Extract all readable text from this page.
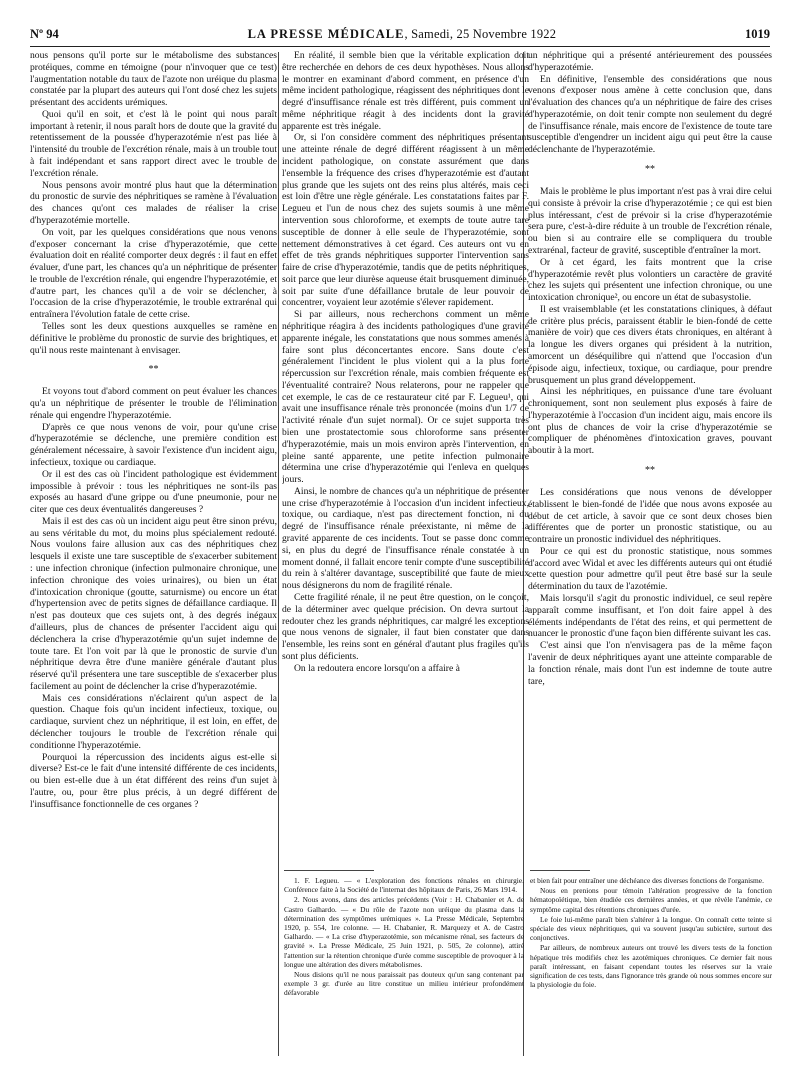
Nº 94	LA PRESSE MÉDICALE, Samedi, 25 Novembre 1922	1019

nous pensons qu'il porte sur le métabolisme des substances protéiques, comme en témoigne (pour n'invoquer que ce test) l'augmentation notable du taux de l'azote non uréique du plasma constatée par la plupart des auteurs qui l'ont dosé chez les sujets présentant des accidents urémiques.

Quoi qu'il en soit, et c'est là le point qui nous paraît important à retenir, il nous paraît hors de doute que la gravité du retentissement de la poussée d'hyperazotémie n'est pas liée à l'intensité du trouble de l'excrétion rénale, mais à un trouble tout à fait indépendant et sans rapport direct avec le trouble de l'excrétion rénale.

Nous pensons avoir montré plus haut que la détermination du pronostic de survie des néphritiques se ramène à l'évaluation des chances qu'ont ces malades de réaliser la crise d'hyperazotémie mortelle.

On voit, par les quelques considérations que nous venons d'exposer concernant la crise d'hyperazotémie, que cette évaluation doit en réalité comporter deux degrés : il faut en effet évaluer, d'une part, les chances qu'a un néphritique de présenter le trouble de l'excrétion rénale, qui engendre l'hyperazotémie, et d'autre part, les chances qu'il a de voir se déclencher, à l'occasion de la crise d'hyperazotémie, le trouble extrarénal qui entraînera l'évolution fatale de cette crise.

Telles sont les deux questions auxquelles se ramène en définitive le problème du pronostic de survie des brightiques, et qu'il nous reste maintenant à envisager.

**

Et voyons tout d'abord comment on peut évaluer les chances qu'a un néphritique de présenter le trouble de l'élimination rénale qui engendre l'hyperazotémie.

D'après ce que nous venons de voir, pour qu'une crise d'hyperazotémie se déclenche, une première condition est généralement nécessaire, à savoir l'existence d'un incident aigu, infectieux, toxique ou cardiaque.

Or il est des cas où l'incident pathologique est évidemment impossible à prévoir : tous les néphritiques ne sont-ils pas exposés au hasard d'une grippe ou d'une pneumonie, pour ne citer que ces deux éventualités dangereuses ?

Mais il est des cas où un incident aigu peut être sinon prévu, au sens véritable du mot, du moins plus spécialement redouté. Nous voulons faire allusion aux cas des néphritiques chez lesquels il existe une tare susceptible de s'exacerber subitement : une infection chronique (infection pulmonaire chronique, une infection chronique des voies urinaires), ou bien un état d'intoxication chronique (goutte, saturnisme) ou encore un état d'hypertension avec de petits signes de défaillance cardiaque. Il n'est pas douteux que ces sujets ont, à des degrés inégaux d'ailleurs, plus de chances de présenter l'accident aigu qui déclenchera la crise d'hyperazotémie qu'un sujet indemne de toute tare. Et l'on voit par là que le pronostic de survie d'un néphritique devra être d'une manière générale d'autant plus réservé qu'il présentera une tare susceptible de s'exacerber plus facilement au point de déclencher la crise d'hyperazotémie.

Mais ces considérations n'éclairent qu'un aspect de la question. Chaque fois qu'un incident infectieux, toxique, ou cardiaque, survient chez un néphritique, il est loin, en effet, de déclencher toujours le trouble de l'excrétion rénale qui conditionne l'hyperazotémie.

Pourquoi la répercussion des incidents aigus est-elle si diverse? Est-ce le fait d'une intensité différente de ces incidents, ou bien est-elle due à un état différent des reins d'un sujet à l'autre, ou, pour être plus précis, à un degré différent de l'insuffisance fonctionnelle de ces organes ?

En réalité, il semble bien que la véritable explication doit être recherchée en dehors de ces deux hypothèses. Nous allons le montrer en examinant d'abord comment, en présence d'un même incident pathologique, réagissent des néphritiques dont le degré d'insuffisance rénale est très différent, puis comment un même néphritique réagit à des incidents dont la gravité apparente est très inégale.

Or, si l'on considère comment des néphritiques présentant une atteinte rénale de degré différent réagissent à un même incident pathologique, on constate assurément que dans l'ensemble la fréquence des crises d'hyperazotémie est d'autant plus grande que les sujets ont des reins plus altérés, mais ceci est loin d'être une règle générale. Les constatations faites par F. Legueu et l'un de nous chez des sujets soumis à une même intervention sous chloroforme, et exempts de toute autre tare susceptible de donner à elle seule de l'hyperazotémie, sont nettement démonstratives à cet égard. Ces auteurs ont vu en effet de très grands néphritiques supporter l'intervention sans faire de crise d'hyperazotémie, tandis que de petits néphritiques, soit parce que leur diurèse aqueuse était brusquement diminuée, soit par suite d'une défaillance brutale de leur pouvoir de concentrer, voyaient leur azotémie s'élever rapidement.

Si par ailleurs, nous recherchons comment un même néphritique réagira à des incidents pathologiques d'une gravité apparente inégale, les constatations que nous sommes amenés à faire sont plus déconcertantes encore. Sans doute c'est généralement l'incident le plus violent qui a la plus forte répercussion sur l'excrétion rénale, mais combien fréquente est l'éventualité contraire? Nous relaterons, pour ne rappeler que cet exemple, le cas de ce restaurateur cité par F. Legueu¹, qui avait une insuffisance rénale très prononcée (moins d'un 1/7 de l'activité rénale d'un sujet normal). Or ce sujet supporta très bien une prostatectomie sous chloroforme sans présenter d'hyperazotémie, mais un mois environ après l'intervention, en pleine santé apparente, une petite infection pulmonaire détermina une crise d'hyperazotémie qui l'enleva en quelques jours.

Ainsi, le nombre de chances qu'a un néphritique de présenter une crise d'hyperazotémie à l'occasion d'un incident infectieux, toxique, ou cardiaque, n'est pas directement fonction, ni du degré de l'insuffisance rénale préexistante, ni même de la gravité apparente de ces incidents. Tout se passe donc comme si, en plus du degré de l'insuffisance rénale constatée à un moment donné, il fallait encore tenir compte d'une susceptibilité du rein à s'altérer davantage, susceptibilité que faute de mieux nous désignerons du nom de fragilité rénale.

Cette fragilité rénale, il ne peut être question, on le conçoit, de la déterminer avec quelque précision. On devra surtout la redouter chez les grands néphritiques, car malgré les exceptions que nous venons de signaler, il faut bien constater que dans l'ensemble, les reins sont en général d'autant plus fragiles qu'ils sont plus déficients.

On la redoutera encore lorsqu'on a affaire à

un néphritique qui a présenté antérieurement des poussées d'hyperazotémie.

En définitive, l'ensemble des considérations que nous venons d'exposer nous amène à cette conclusion que, dans l'évaluation des chances qu'a un néphritique de faire des crises d'hyperazotémie, on doit tenir compte non seulement du degré de l'insuffisance rénale, mais encore de l'existence de toute tare susceptible d'engendrer un incident aigu qui peut être la cause déclenchante de l'hyperazotémie.

**

Mais le problème le plus important n'est pas à vrai dire celui qui consiste à prévoir la crise d'hyperazotémie ; ce qui est bien plus intéressant, c'est de prévoir si la crise d'hyperazotémie sera pure, c'est-à-dire réduite à un trouble de l'excrétion rénale, ou bien si au contraire elle se compliquera du trouble extrarénal, facteur de gravité, susceptible d'entraîner la mort.

Or à cet égard, les faits montrent que la crise d'hyperazotémie revêt plus volontiers un caractère de gravité chez les sujets qui présentent une infection chronique, ou une intoxication chronique², ou encore un état de subasystolie.

Il est vraisemblable (et les constatations cliniques, à défaut de critère plus précis, paraissent établir le bien-fondé de cette manière de voir) que ces divers états chroniques, en altérant à la longue les divers organes qui président à la nutrition, amorcent un déséquilibre qui n'attend que l'occasion d'un épisode aigu, infectieux, toxique, ou cardiaque, pour prendre brusquement un plus grand développement.

Ainsi les néphritiques, en puissance d'une tare évoluant chroniquement, sont non seulement plus exposés à faire de l'hyperazotémie à l'occasion d'un incident aigu, mais encore ils ont plus de chances de voir la crise d'hyperazotémie se compliquer de phénomènes d'intoxication graves, pouvant aboutir à la mort.

**

Les considérations que nous venons de développer établissent le bien-fondé de l'idée que nous avons exposée au début de cet article, à savoir que ce sont deux choses bien différentes que de porter un pronostic statistique, ou au contraire un pronostic individuel des néphritiques.

Pour ce qui est du pronostic statistique, nous sommes d'accord avec Widal et avec les différents auteurs qui ont étudié cette question pour admettre qu'il peut être basé sur la seule détermination du taux de l'azotémie.

Mais lorsqu'il s'agit du pronostic individuel, ce seul repère apparaît comme insuffisant, et l'on doit faire appel à des éléments indépendants de l'état des reins, et qui permettent de nuancer le pronostic d'une façon bien différente suivant les cas.

C'est ainsi que l'on n'envisagera pas de la même façon l'avenir de deux néphritiques ayant une atteinte comparable de la fonction rénale, mais dont l'un est indemne de toute autre tare,

1. F. Legueu. — « L'exploration des fonctions rénales en chirurgie. Conférence faite à la Société de l'internat des hôpitaux de Paris, 26 Mars 1914.

2. Nous avons, dans des articles précédents (Voir : H. Chabanier et A. de Castro Galhardo. — « Du rôle de l'azote non uréique du plasma dans la détermination des symptômes urémiques ». La Presse Médicale, Septembre 1920, p. 554, 1re colonne. — H. Chabanier, R. Marquezy et A. de Castro Galhardo. — « La crise d'hyperazotémie, son mécanisme rénal, ses facteurs de gravité ». La Presse Médicale, 25 Juin 1921, p. 505, 2e colonne), attiré l'attention sur la rétention chronique d'urée comme susceptible de provoquer à la longue une altération des divers métabolismes.

Nous disions qu'il ne nous paraissait pas douteux qu'un sang contenant par exemple 3 gr. d'urée au litre constitue un milieu intérieur profondément défavorable

et bien fait pour entraîner une déchéance des diverses fonctions de l'organisme.

Nous en prenions pour témoin l'altération progressive de la fonction hématopoïétique, bien étudiée ces dernières années, et que révèle l'anémie, ce symptôme capital des rétentions chroniques d'urée.

Le foie lui-même paraît bien s'altérer à la longue. On connaît cette teinte si spéciale des vieux néphritiques, qui va souvent jusqu'au subictère, surtout des conjonctives.

Par ailleurs, de nombreux auteurs ont trouvé les divers tests de la fonction hépatique très modifiés chez les azotémiques chroniques. Ce dernier fait nous paraît intéressant, en faisant cependant toutes les réserves sur la vraie signification de ces tests, dans l'ignorance très grande où nous sommes encore sur la physiologie du foie.
